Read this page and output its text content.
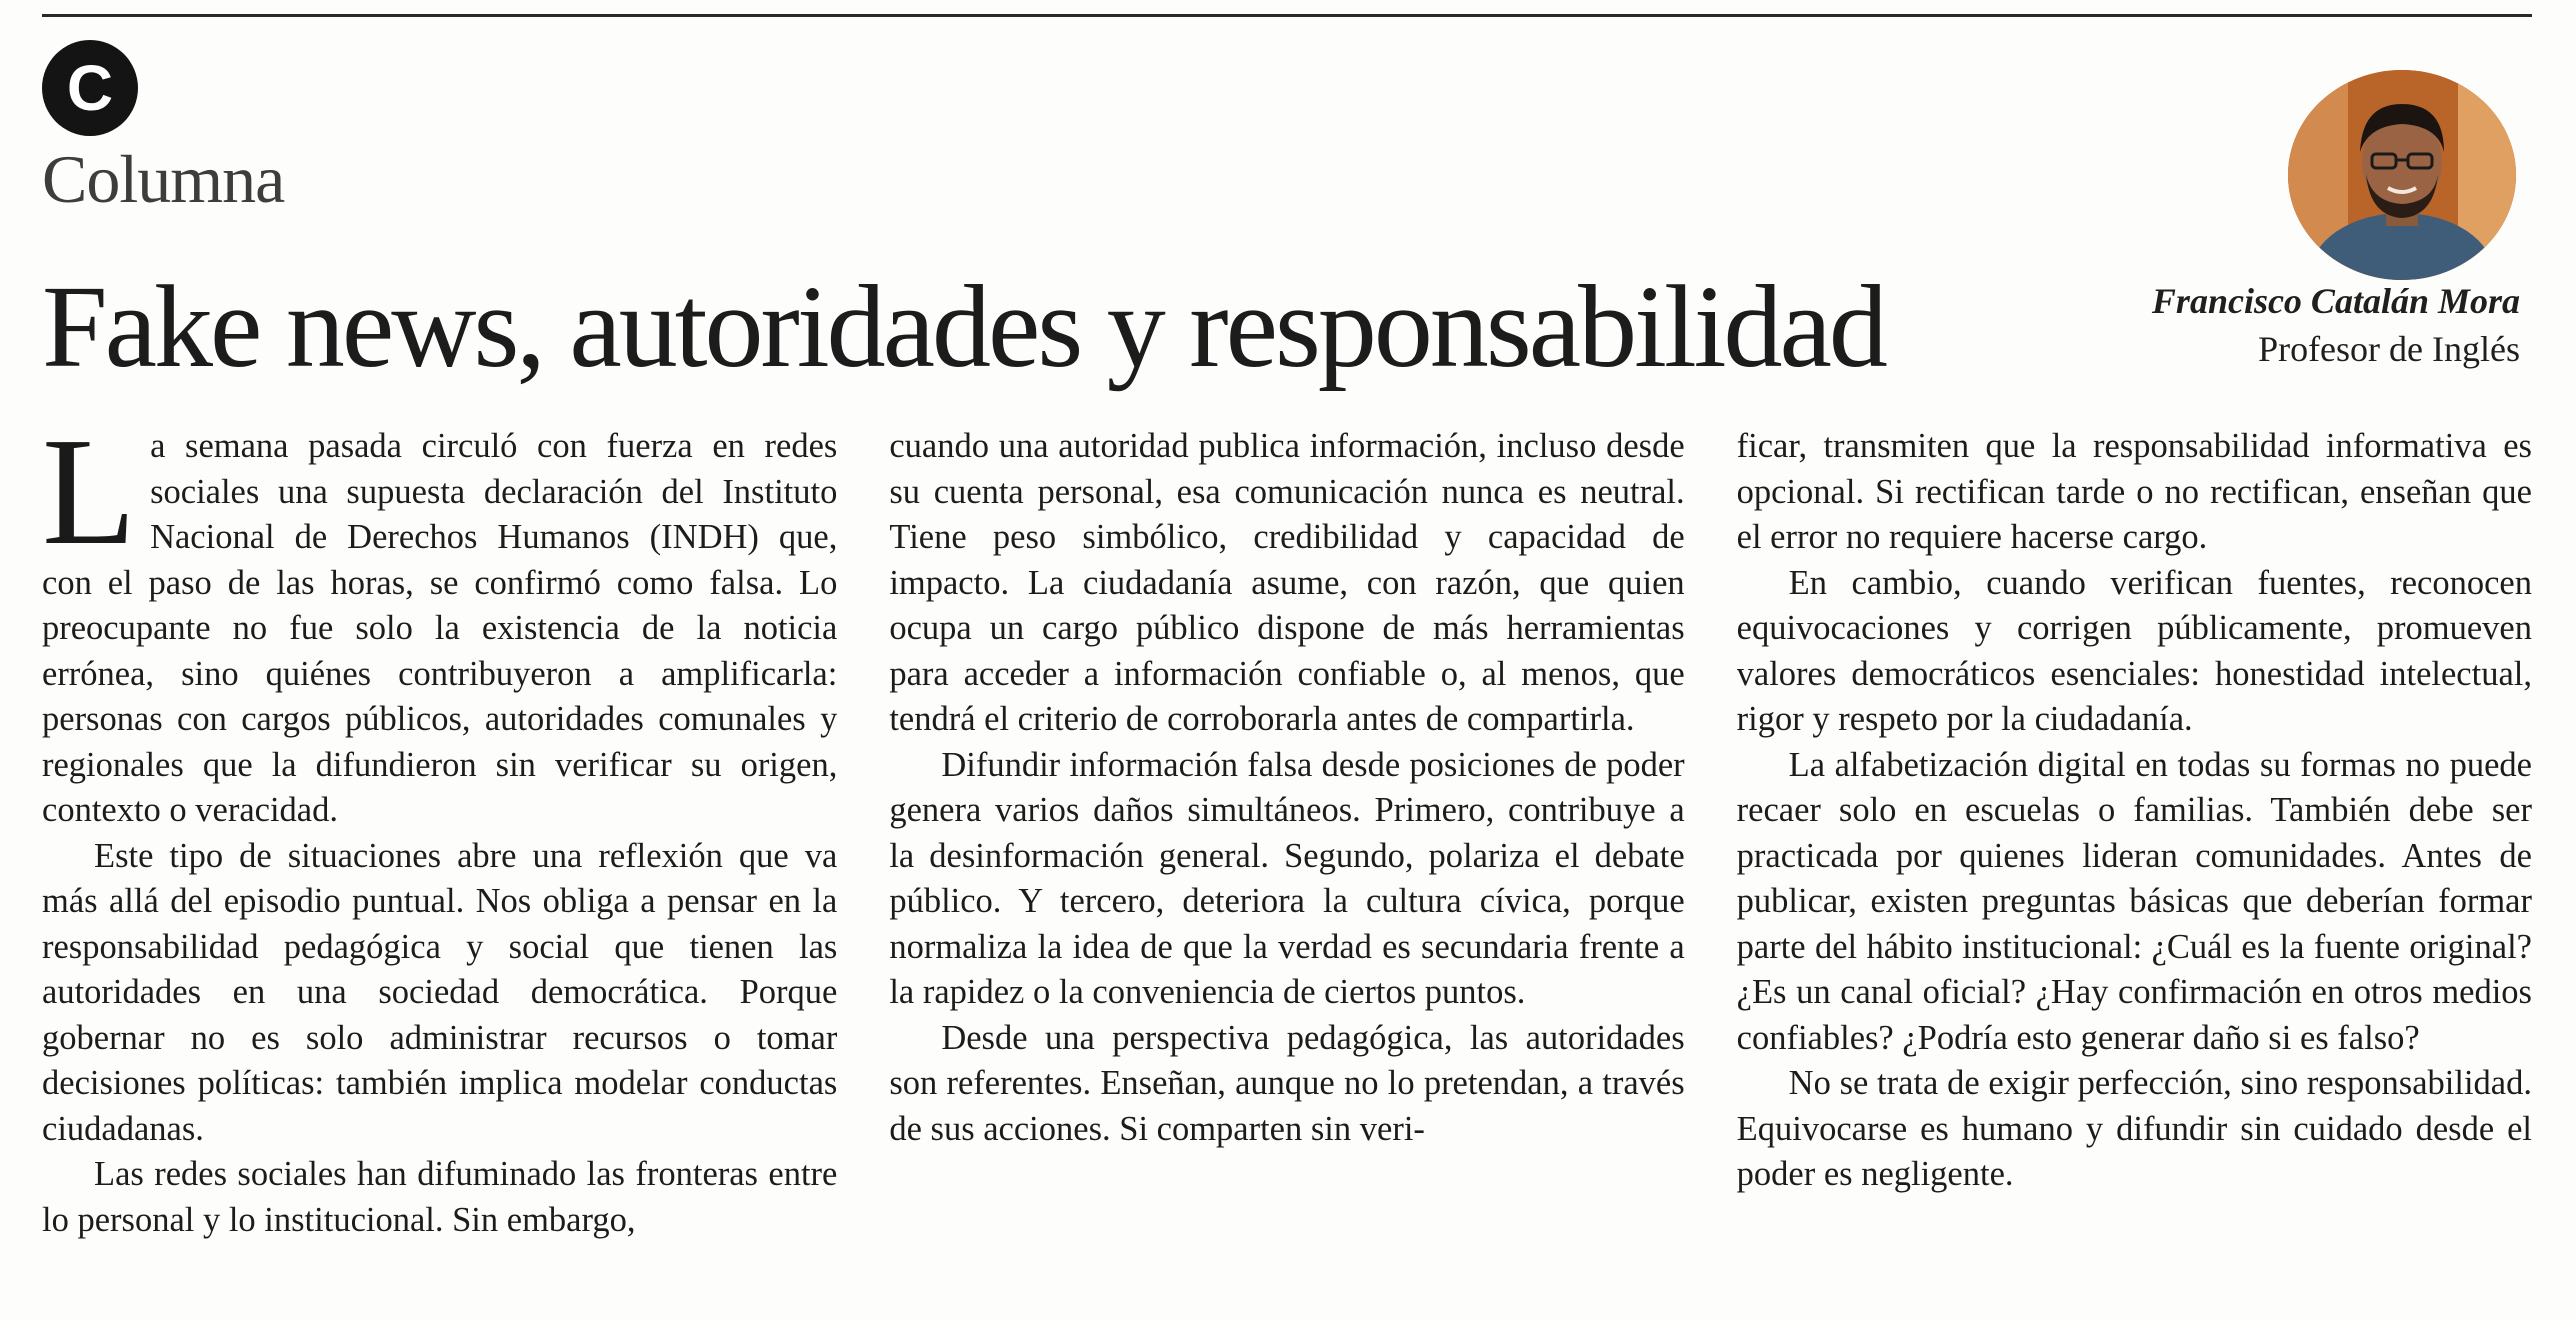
C
Columna
Fake news, autoridades y responsabilidad	Francisco Catalán Mora
Profesor de Inglés

La semana pasada circuló con fuerza en redes sociales una supuesta declaración del Instituto Nacional de Derechos Humanos (INDH) que, con el paso de las horas, se confirmó como falsa. Lo preocupante no fue solo la existencia de la noticia errónea, sino quiénes contribuyeron a amplificarla: personas con cargos públicos, autoridades comunales y regionales que la difundieron sin verificar su origen, contexto o veracidad.

Este tipo de situaciones abre una reflexión que va más allá del episodio puntual. Nos obliga a pensar en la responsabilidad pedagógica y social que tienen las autoridades en una sociedad democrática. Porque gobernar no es solo administrar recursos o tomar decisiones políticas: también implica modelar conductas ciudadanas.

Las redes sociales han difuminado las fronteras entre lo personal y lo institucional. Sin embargo,

cuando una autoridad publica información, incluso desde su cuenta personal, esa comunicación nunca es neutral. Tiene peso simbólico, credibilidad y capacidad de impacto. La ciudadanía asume, con razón, que quien ocupa un cargo público dispone de más herramientas para acceder a información confiable o, al menos, que tendrá el criterio de corroborarla antes de compartirla.

Difundir información falsa desde posiciones de poder genera varios daños simultáneos. Primero, contribuye a la desinformación general. Segundo, polariza el debate público. Y tercero, deteriora la cultura cívica, porque normaliza la idea de que la verdad es secundaria frente a la rapidez o la conveniencia de ciertos puntos.

Desde una perspectiva pedagógica, las autoridades son referentes. Enseñan, aunque no lo pretendan, a través de sus acciones. Si comparten sin veri-

ficar, transmiten que la responsabilidad informativa es opcional. Si rectifican tarde o no rectifican, enseñan que el error no requiere hacerse cargo.

En cambio, cuando verifican fuentes, reconocen equivocaciones y corrigen públicamente, promueven valores democráticos esenciales: honestidad intelectual, rigor y respeto por la ciudadanía.

La alfabetización digital en todas su formas no puede recaer solo en escuelas o familias. También debe ser practicada por quienes lideran comunidades. Antes de publicar, existen preguntas básicas que deberían formar parte del hábito institucional: ¿Cuál es la fuente original? ¿Es un canal oficial? ¿Hay confirmación en otros medios confiables? ¿Podría esto generar daño si es falso?

No se trata de exigir perfección, sino responsabilidad. Equivocarse es humano y difundir sin cuidado desde el poder es negligente.
